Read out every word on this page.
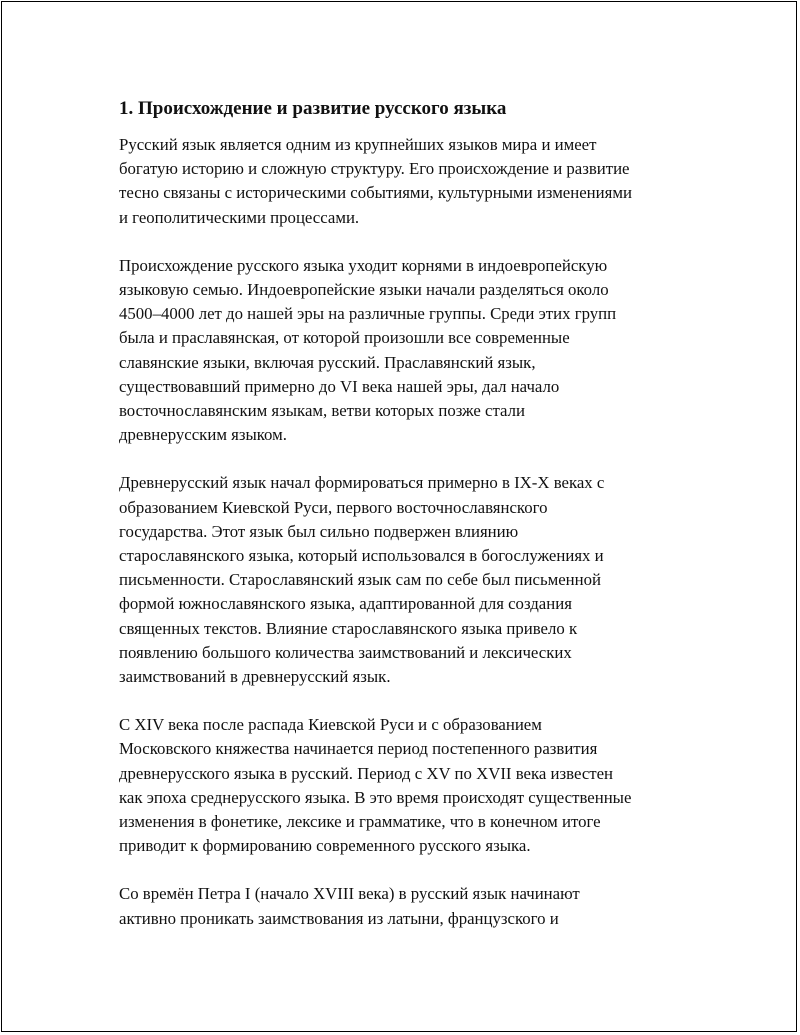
1. Происхождение и развитие русского языка

Русский язык является одним из крупнейших языков мира и имеет
богатую историю и сложную структуру. Его происхождение и развитие
тесно связаны с историческими событиями, культурными изменениями
и геополитическими процессами.

Происхождение русского языка уходит корнями в индоевропейскую
языковую семью. Индоевропейские языки начали разделяться около
4500–4000 лет до нашей эры на различные группы. Среди этих групп
была и праславянская, от которой произошли все современные
славянские языки, включая русский. Праславянский язык,
существовавший примерно до VI века нашей эры, дал начало
восточнославянским языкам, ветви которых позже стали
древнерусским языком.

Древнерусский язык начал формироваться примерно в IX-X веках с
образованием Киевской Руси, первого восточнославянского
государства. Этот язык был сильно подвержен влиянию
старославянского языка, который использовался в богослужениях и
письменности. Старославянский язык сам по себе был письменной
формой южнославянского языка, адаптированной для создания
священных текстов. Влияние старославянского языка привело к
появлению большого количества заимствований и лексических
заимствований в древнерусский язык.

С XIV века после распада Киевской Руси и с образованием
Московского княжества начинается период постепенного развития
древнерусского языка в русский. Период с XV по XVII века известен
как эпоха среднерусского языка. В это время происходят существенные
изменения в фонетике, лексике и грамматике, что в конечном итоге
приводит к формированию современного русского языка.

Со времён Петра I (начало XVIII века) в русский язык начинают
активно проникать заимствования из латыни, французского и
